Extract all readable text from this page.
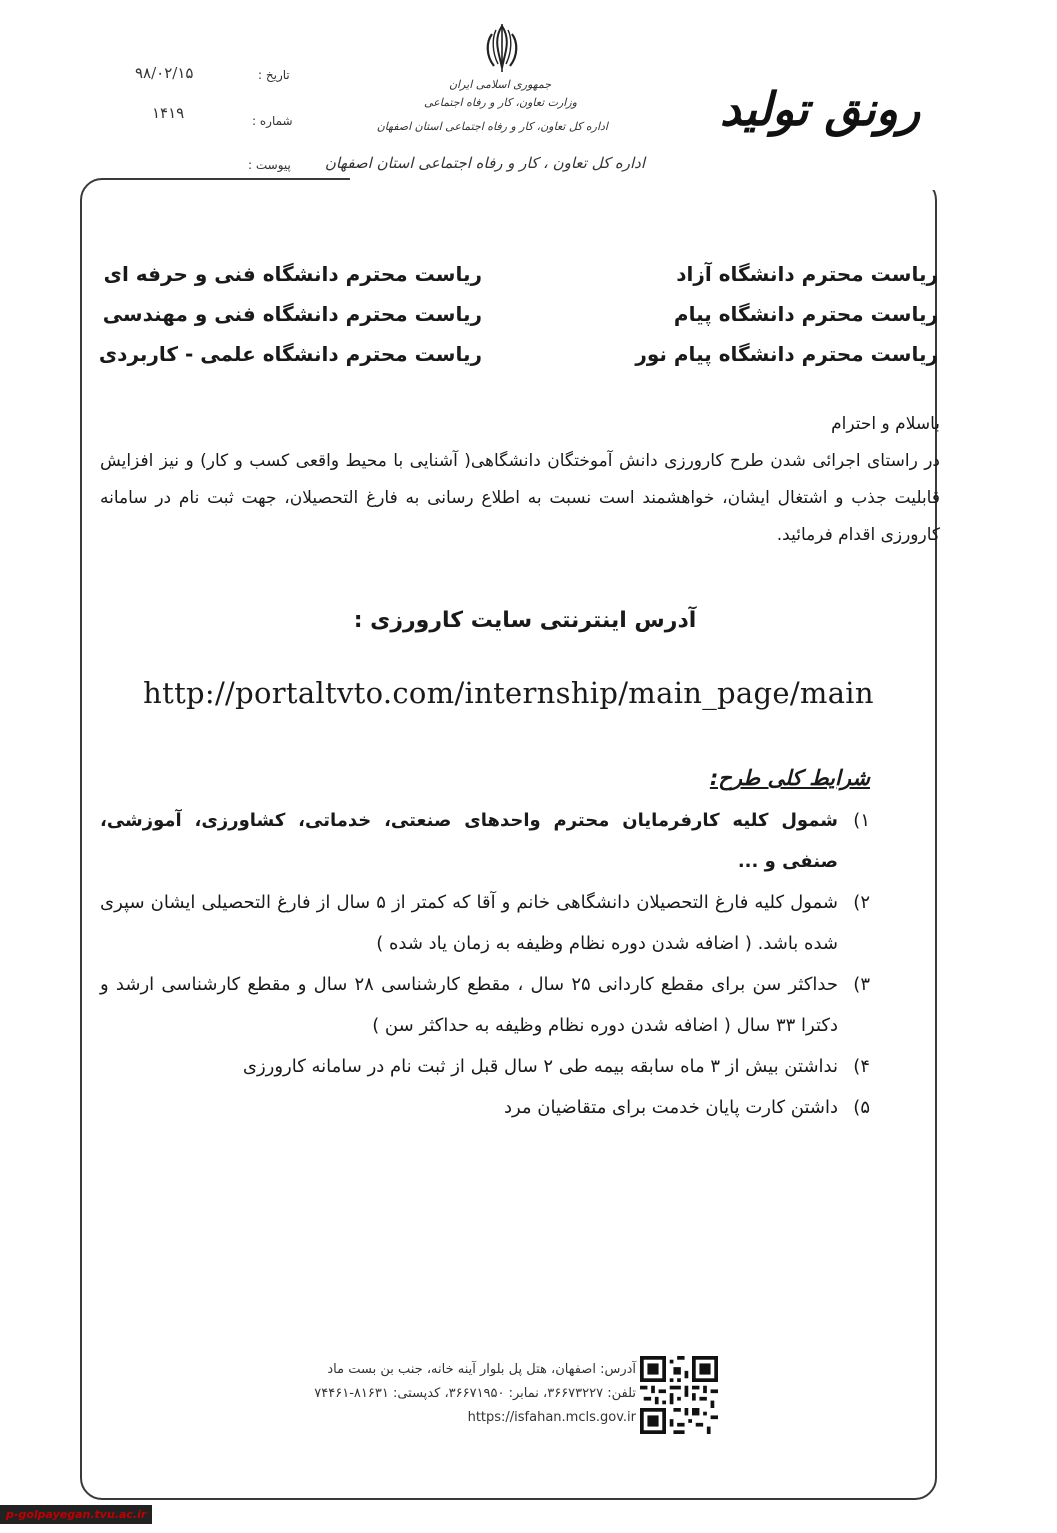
تاریخ :
۹۸/۰۲/۱۵
شماره :
۱۴۱۹
پیوست :
جمهوری اسلامی ایران
وزارت تعاون، کار و رفاه اجتماعی
اداره کل تعاون، کار و رفاه اجتماعی استان اصفهان
اداره کل تعاون ، کار و رفاه اجتماعی استان اصفهان
رونق تولید
ریاست محترم دانشگاه آزاد
ریاست محترم دانشگاه پیام
ریاست محترم دانشگاه پیام نور
ریاست محترم دانشگاه فنی و حرفه ای
ریاست محترم دانشگاه فنی و مهندسی
ریاست محترم دانشگاه علمی - کاربردی
باسلام و احترام
در راستای اجرائی شدن طرح کارورزی دانش آموختگان دانشگاهی( آشنایی با محیط واقعی کسب و کار) و نیز افزایش قابلیت جذب و اشتغال ایشان، خواهشمند است نسبت به اطلاع رسانی به فارغ التحصیلان، جهت ثبت نام در سامانه کارورزی اقدام فرمائید.
آدرس اینترنتی سایت کارورزی :
http://portaltvto.com/internship/main_page/main
شرایط کلی طرح:
۱)
شمول کلیه کارفرمایان محترم واحدهای صنعتی، خدماتی، کشاورزی، آموزشی، صنفی و ...
۲)
شمول کلیه فارغ التحصیلان دانشگاهی خانم و آقا که کمتر از ۵ سال از فارغ التحصیلی ایشان سپری شده باشد. ( اضافه شدن دوره نظام وظیفه به زمان یاد شده )
۳)
حداکثر سن برای مقطع کاردانی ۲۵ سال ، مقطع کارشناسی ۲۸ سال و مقطع کارشناسی ارشد و دکترا ۳۳ سال ( اضافه شدن دوره نظام وظیفه به حداکثر سن )
۴)
نداشتن بیش از ۳ ماه سابقه بیمه طی ۲ سال قبل از ثبت نام در سامانه کارورزی
۵)
داشتن کارت پایان خدمت برای متقاضیان مرد
آدرس: اصفهان، هتل پل بلوار آینه خانه، جنب بن بست ماد
تلفن: ۳۶۶۷۳۲۲۷، نمابر: ۳۶۶۷۱۹۵۰، کدپستی: ۸۱۶۳۱-۷۴۴۶۱
https://isfahan.mcls.gov.ir
p-golpayegan.tvu.ac.ir
